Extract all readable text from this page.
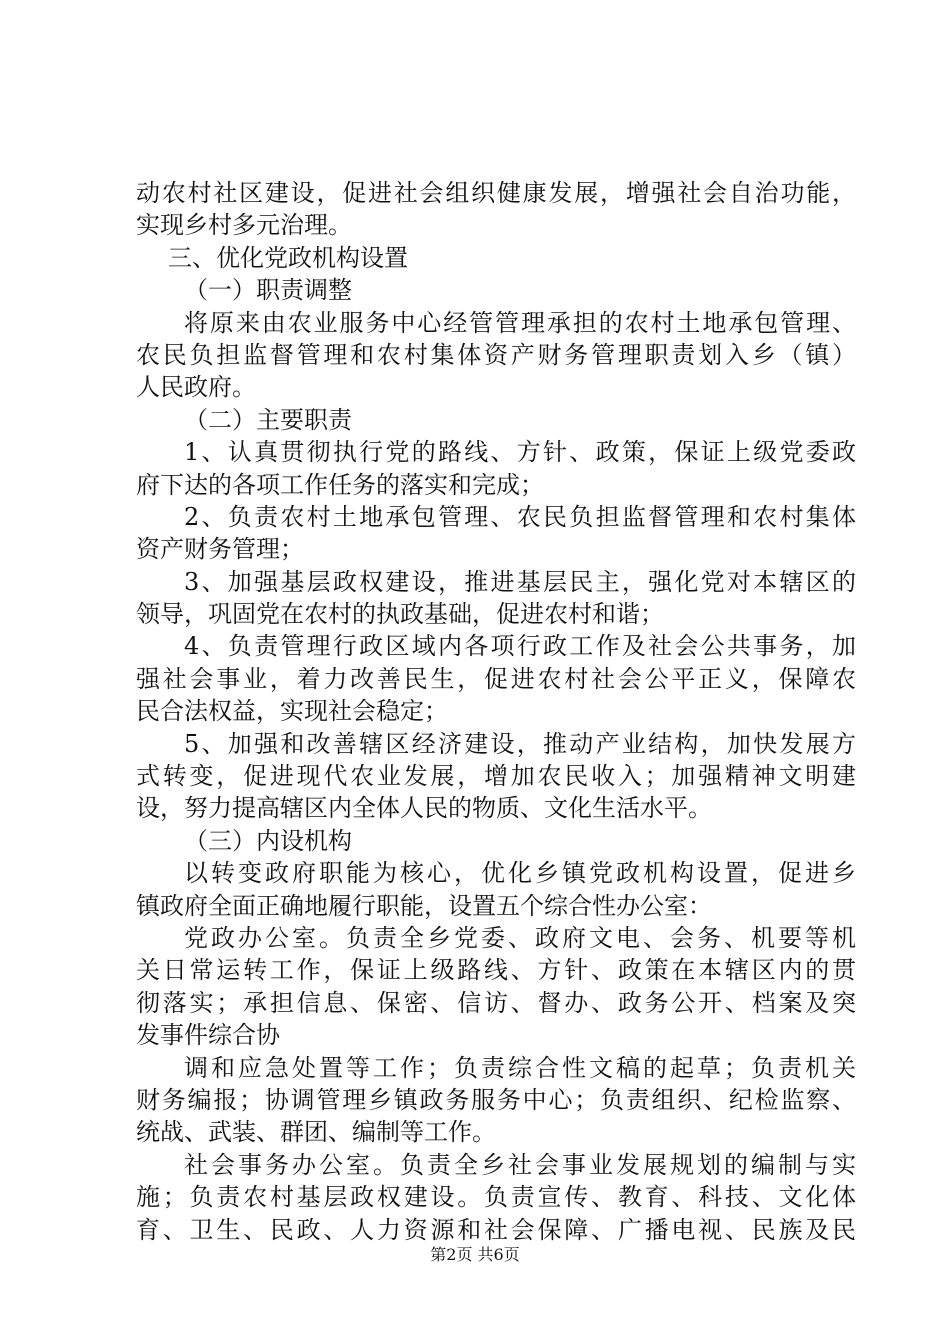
动农村社区建设，促进社会组织健康发展，增强社会自治功能，
实现乡村多元治理。
三、优化党政机构设置
（一）职责调整
将原来由农业服务中心经管管理承担的农村土地承包管理、
农民负担监督管理和农村集体资产财务管理职责划入乡（镇）
人民政府。
（二）主要职责
1、认真贯彻执行党的路线、方针、政策，保证上级党委政
府下达的各项工作任务的落实和完成；
2、负责农村土地承包管理、农民负担监督管理和农村集体
资产财务管理；
3、加强基层政权建设，推进基层民主，强化党对本辖区的
领导，巩固党在农村的执政基础，促进农村和谐；
4、负责管理行政区域内各项行政工作及社会公共事务，加
强社会事业，着力改善民生，促进农村社会公平正义，保障农
民合法权益，实现社会稳定；
5、加强和改善辖区经济建设，推动产业结构，加快发展方
式转变，促进现代农业发展，增加农民收入；加强精神文明建
设，努力提高辖区内全体人民的物质、文化生活水平。
（三）内设机构
以转变政府职能为核心，优化乡镇党政机构设置，促进乡
镇政府全面正确地履行职能，设置五个综合性办公室：
党政办公室。负责全乡党委、政府文电、会务、机要等机
关日常运转工作，保证上级路线、方针、政策在本辖区内的贯
彻落实；承担信息、保密、信访、督办、政务公开、档案及突
发事件综合协
调和应急处置等工作；负责综合性文稿的起草；负责机关
财务编报；协调管理乡镇政务服务中心；负责组织、纪检监察、
统战、武装、群团、编制等工作。
社会事务办公室。负责全乡社会事业发展规划的编制与实
施；负责农村基层政权建设。负责宣传、教育、科技、文化体
育、卫生、民政、人力资源和社会保障、广播电视、民族及民
第2页 共6页
